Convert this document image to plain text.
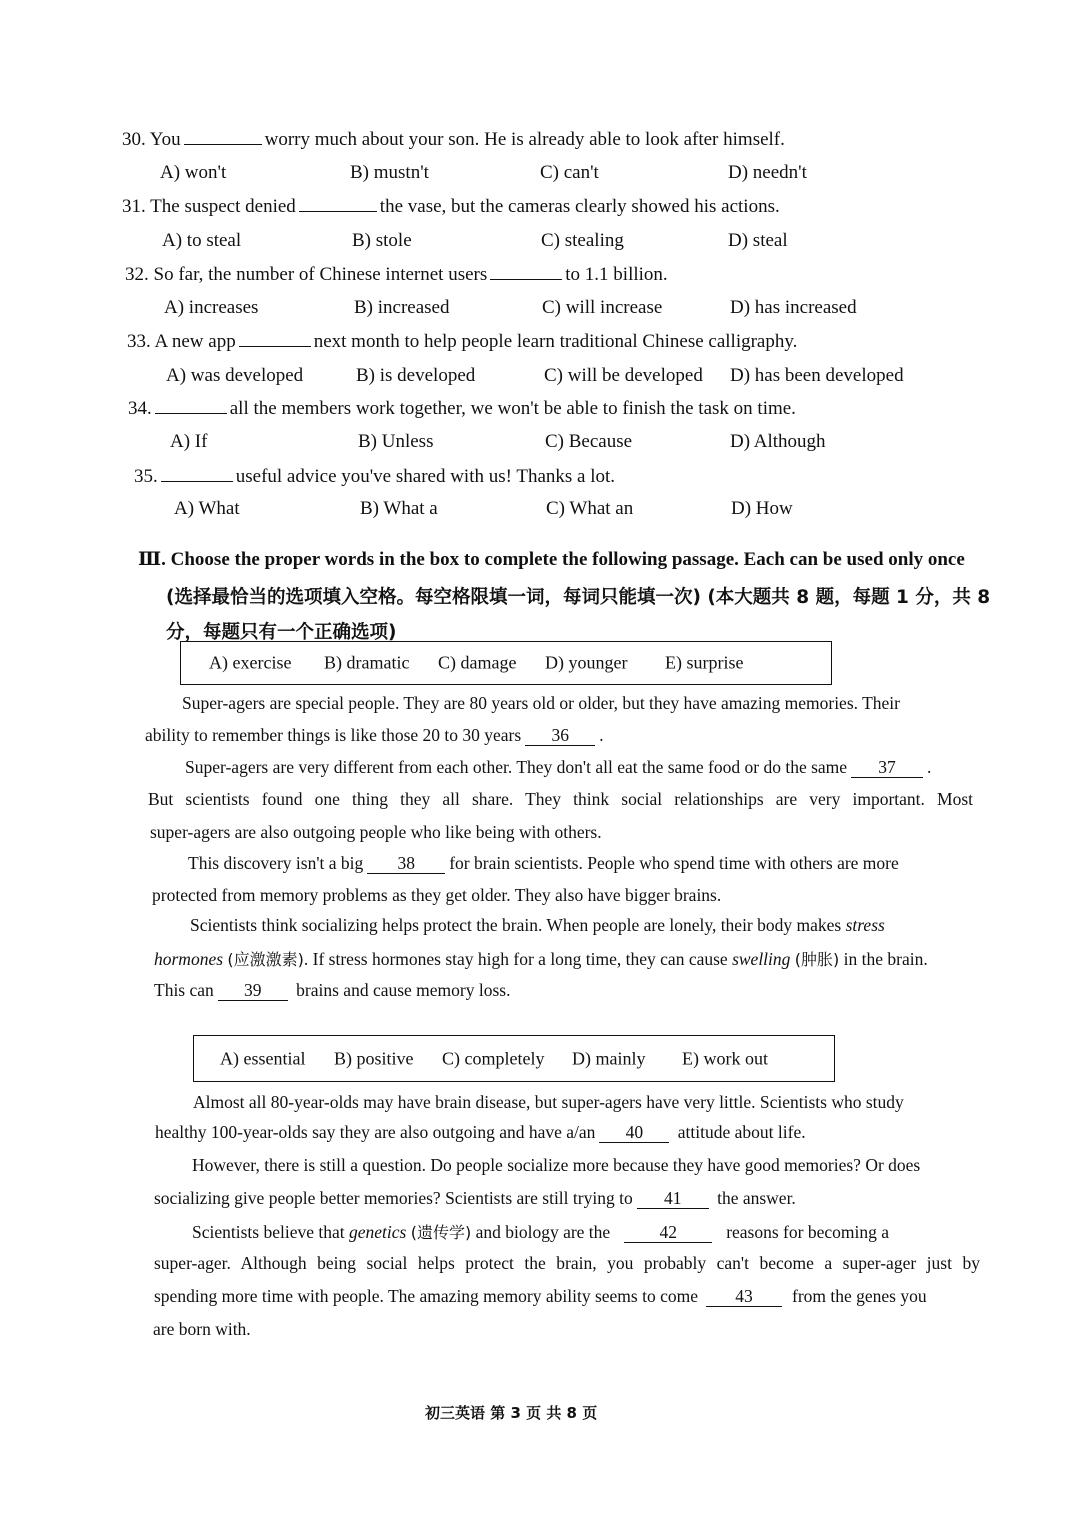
30. You	worry much about your son. He is already able to look after himself.
A) won't	B) mustn't	C) can't	D) needn't
31. The suspect denied	the vase, but the cameras clearly showed his actions.
A) to steal	B) stole	C) stealing	D) steal
32. So far, the number of Chinese internet users	to 1.1 billion.
A) increases	B) increased	C) will increase	D) has increased
33. A new app	next month to help people learn traditional Chinese calligraphy.
A) was developed	B) is developed	C) will be developed D) has been developed
34.	all the members work together, we won't be able to finish the task on time.
A) If	B) Unless	C) Because	D) Although
35.	useful advice you've shared with us! Thanks a lot.
A) What	B) What a	C) What an	D) How
Ⅲ. Choose the proper words in the box to complete the following passage. Each can be used only once
(选择最恰当的选项填入空格。每空格限填一词，每词只能填一次) (本大题共 8 题，每题 1 分，共 8
分，每题只有一个正确选项)
A) exercise B) dramatic C) damage D) younger E) surprise
Super-agers are special people. They are 80 years old or older, but they have amazing memories. Their
ability to remember things is like those 20 to 30 years 36 .
Super-agers are very different from each other. They don't all eat the same food or do the same 37 .
But scientists found one thing they all share. They think social relationships are very important. Most
super-agers are also outgoing people who like being with others.
This discovery isn't a big 38 for brain scientists. People who spend time with others are more
protected from memory problems as they get older. They also have bigger brains.
Scientists think socializing helps protect the brain. When people are lonely, their body makes stress
hormones (应激激素). If stress hormones stay high for a long time, they can cause swelling (肿胀) in the brain.
This can 39 brains and cause memory loss.
A) essential B) positive C) completely D) mainly E) work out
Almost all 80-year-olds may have brain disease, but super-agers have very little. Scientists who study
healthy 100-year-olds say they are also outgoing and have a/an 40 attitude about life.
However, there is still a question. Do people socialize more because they have good memories? Or does
socializing give people better memories? Scientists are still trying to 41 the answer.
Scientists believe that genetics (遗传学) and biology are the	42	reasons for becoming a
super-ager. Although being social helps protect the brain, you probably can't become a super-ager just by
spending more time with people. The amazing memory ability seems to come 43 from the genes you
are born with.
初三英语 第 3 页 共 8 页
